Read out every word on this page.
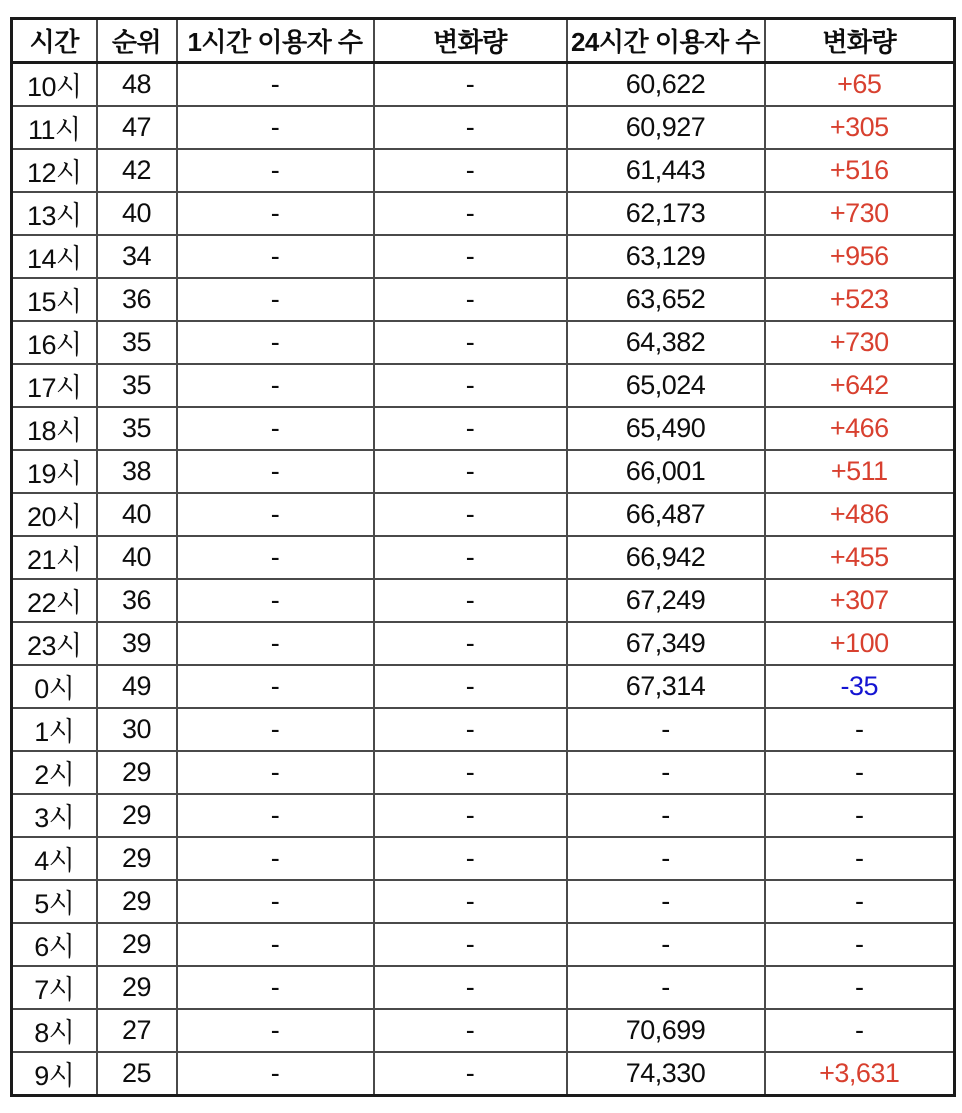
시간	순위	1시간 이용자 수	변화량	24시간 이용자 수	변화량
10시	48	-	-	60,622	+65
11시	47	-	-	60,927	+305
12시	42	-	-	61,443	+516
13시	40	-	-	62,173	+730
14시	34	-	-	63,129	+956
15시	36	-	-	63,652	+523
16시	35	-	-	64,382	+730
17시	35	-	-	65,024	+642
18시	35	-	-	65,490	+466
19시	38	-	-	66,001	+511
20시	40	-	-	66,487	+486
21시	40	-	-	66,942	+455
22시	36	-	-	67,249	+307
23시	39	-	-	67,349	+100
0시	49	-	-	67,314	-35
1시	30	-	-	-	-
2시	29	-	-	-	-
3시	29	-	-	-	-
4시	29	-	-	-	-
5시	29	-	-	-	-
6시	29	-	-	-	-
7시	29	-	-	-	-
8시	27	-	-	70,699	-
9시	25	-	-	74,330	+3,631
